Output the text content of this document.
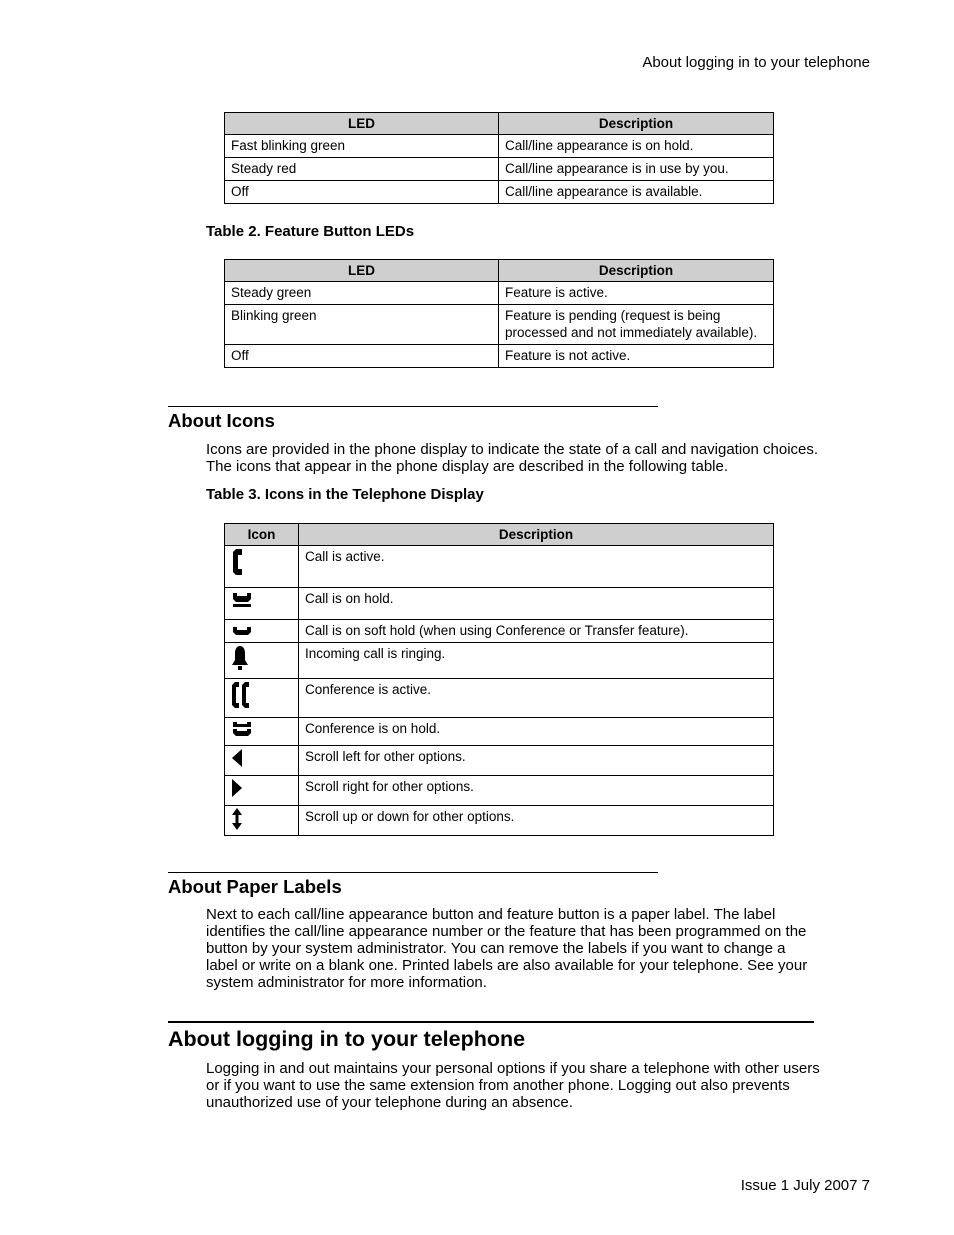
About logging in to your telephone
LED	Description
Fast blinking green	Call/line appearance is on hold.
Steady red	Call/line appearance is in use by you.
Off	Call/line appearance is available.
Table 2. Feature Button LEDs
LED	Description
Steady green	Feature is active.
Blinking green	Feature is pending (request is being processed and not immediately available).
Off	Feature is not active.
About Icons
Icons are provided in the phone display to indicate the state of a call and navigation choices. The icons that appear in the phone display are described in the following table.
Table 3. Icons in the Telephone Display
Icon	Description
	Call is active.
	Call is on hold.
	Call is on soft hold (when using Conference or Transfer feature).
	Incoming call is ringing.
	Conference is active.
	Conference is on hold.
	Scroll left for other options.
	Scroll right for other options.
	Scroll up or down for other options.
About Paper Labels
Next to each call/line appearance button and feature button is a paper label. The label identifies the call/line appearance number or the feature that has been programmed on the button by your system administrator. You can remove the labels if you want to change a label or write on a blank one. Printed labels are also available for your telephone. See your system administrator for more information.
About logging in to your telephone
Logging in and out maintains your personal options if you share a telephone with other users or if you want to use the same extension from another phone. Logging out also prevents unauthorized use of your telephone during an absence.
Issue 1 July 2007 7
